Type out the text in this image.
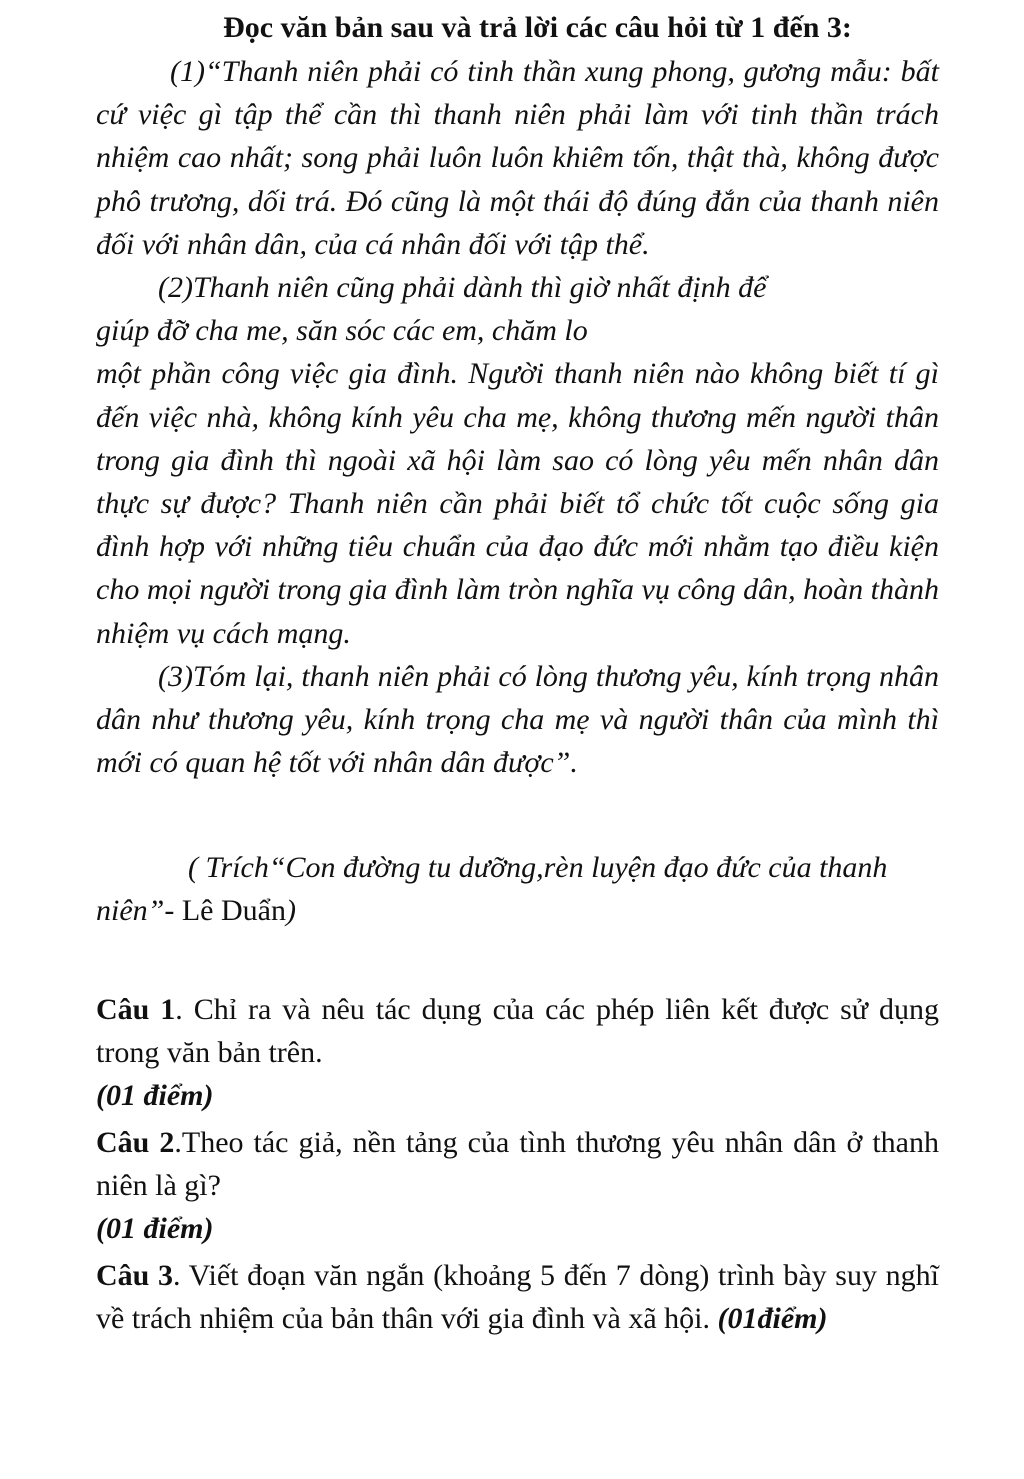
Đọc văn bản sau và trả lời các câu hỏi từ 1 đến 3:

(1)“Thanh niên phải có tinh thần xung phong, gương mẫu: bất cứ việc gì tập thể cần thì thanh niên phải làm với tinh thần trách nhiệm cao nhất; song phải luôn luôn khiêm tốn, thật thà, không được phô trương, dối trá. Đó cũng là một thái độ đúng đắn của thanh niên đối với nhân dân, của cá nhân đối với tập thể.

(2)Thanh niên cũng phải dành thì giờ nhất định để

giúp đỡ cha me, săn sóc các em, chăm lo

một phần công việc gia đình. Người thanh niên nào không biết tí gì đến việc nhà, không kính yêu cha mẹ, không thương mến người thân trong gia đình thì ngoài xã hội làm sao có lòng yêu mến nhân dân thực sự được? Thanh niên cần phải biết tổ chức tốt cuộc sống gia đình hợp với những tiêu chuẩn của đạo đức mới nhằm tạo điều kiện cho mọi người trong gia đình làm tròn nghĩa vụ công dân, hoàn thành nhiệm vụ cách mạng.

(3)Tóm lại, thanh niên phải có lòng thương yêu, kính trọng nhân dân như thương yêu, kính trọng cha mẹ và người thân của mình thì mới có quan hệ tốt với nhân dân được”.

( Trích“Con đường tu dưỡng,rèn luyện đạo đức của thanh niên”- Lê Duẩn)

Câu 1. Chỉ ra và nêu tác dụng của các phép liên kết được sử dụng trong văn bản trên.

(01 điểm)

Câu 2.Theo tác giả, nền tảng của tình thương yêu nhân dân ở thanh niên là gì?

(01 điểm)

Câu 3. Viết đoạn văn ngắn (khoảng 5 đến 7 dòng) trình bày suy nghĩ về trách nhiệm của bản thân với gia đình và xã hội. (01điểm)
